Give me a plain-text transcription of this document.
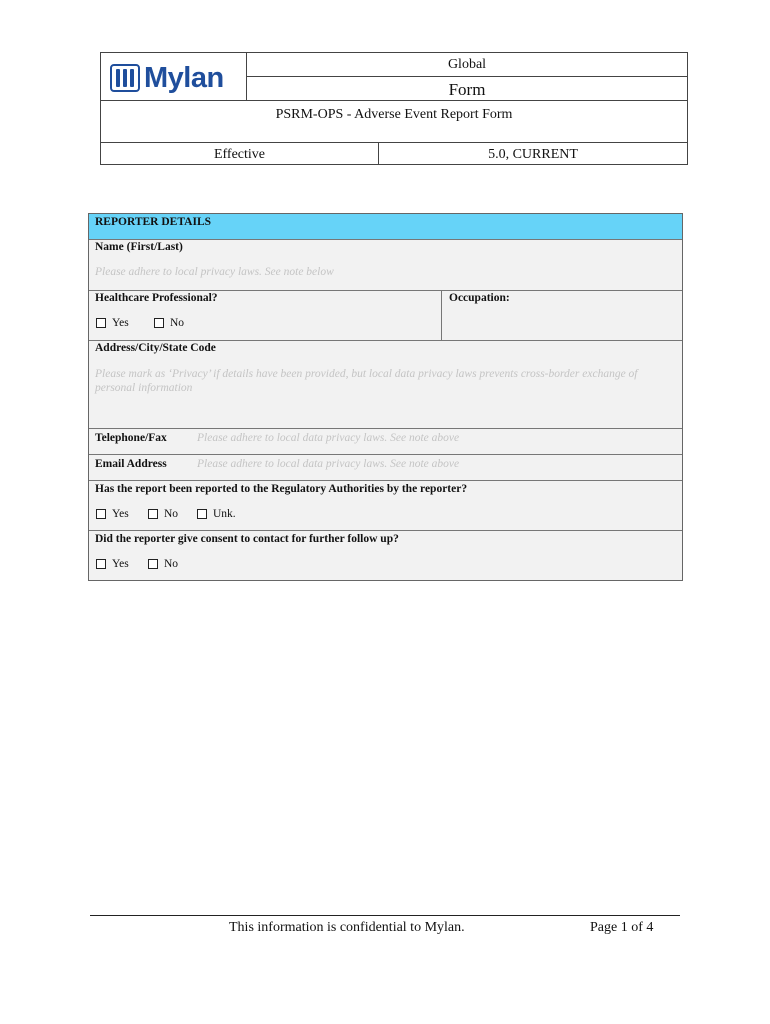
Mylan	Global
Form
PSRM-OPS - Adverse Event Report Form
Effective	5.0, CURRENT
REPORTER DETAILS
Name (First/Last)
Please adhere to local privacy laws. See note below
Healthcare Professional?
Yes	No
Occupation:
Address/City/State Code
Please mark as ‘Privacy’ if details have been provided, but local data privacy laws prevents cross-border exchange of personal information
Telephone/Fax	Please adhere to local data privacy laws. See note above
Email Address	Please adhere to local data privacy laws. See note above
Has the report been reported to the Regulatory Authorities by the reporter?
Yes	No	Unk.
Did the reporter give consent to contact for further follow up?
Yes	No
This information is confidential to Mylan.	Page 1 of 4
